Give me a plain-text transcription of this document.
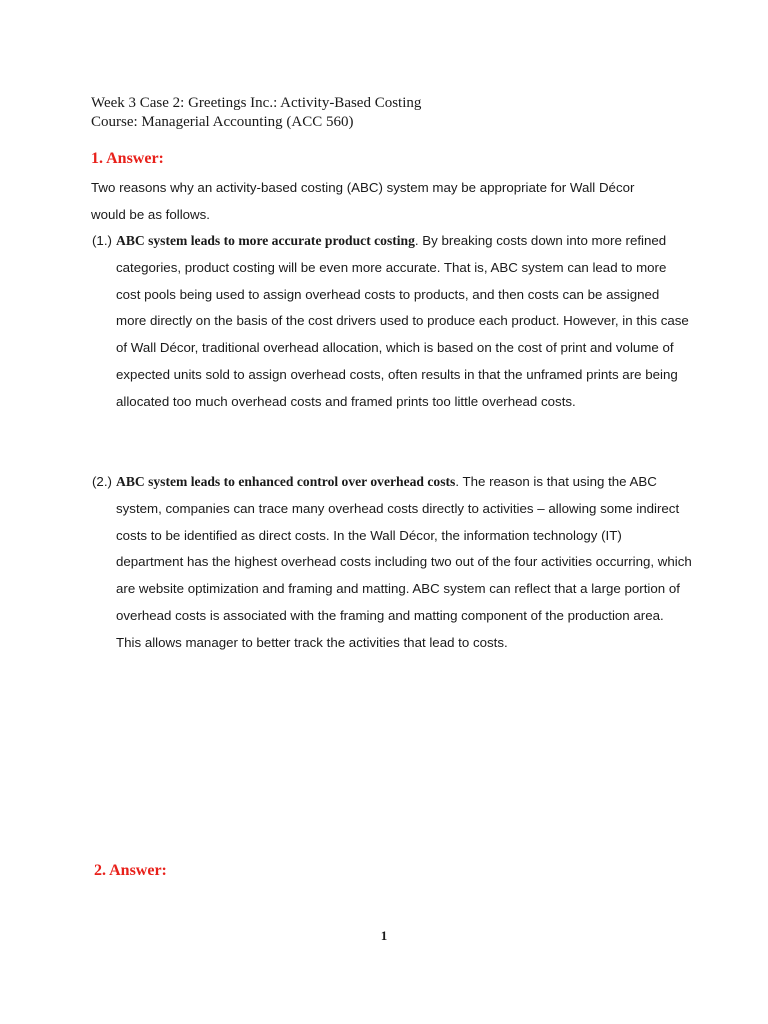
Week 3 Case 2: Greetings Inc.: Activity-Based Costing
Course: Managerial Accounting (ACC 560)
1. Answer:
Two reasons why an activity-based costing (ABC) system may be appropriate for Wall Décor would be as follows.
(1.) ABC system leads to more accurate product costing. By breaking costs down into more refined categories, product costing will be even more accurate. That is, ABC system can lead to more cost pools being used to assign overhead costs to products, and then costs can be assigned more directly on the basis of the cost drivers used to produce each product. However, in this case of Wall Décor, traditional overhead allocation, which is based on the cost of print and volume of expected units sold to assign overhead costs, often results in that the unframed prints are being allocated too much overhead costs and framed prints too little overhead costs.
(2.) ABC system leads to enhanced control over overhead costs. The reason is that using the ABC system, companies can trace many overhead costs directly to activities – allowing some indirect costs to be identified as direct costs. In the Wall Décor, the information technology (IT) department has the highest overhead costs including two out of the four activities occurring, which are website optimization and framing and matting. ABC system can reflect that a large portion of overhead costs is associated with the framing and matting component of the production area. This allows manager to better track the activities that lead to costs.
2. Answer:
1
